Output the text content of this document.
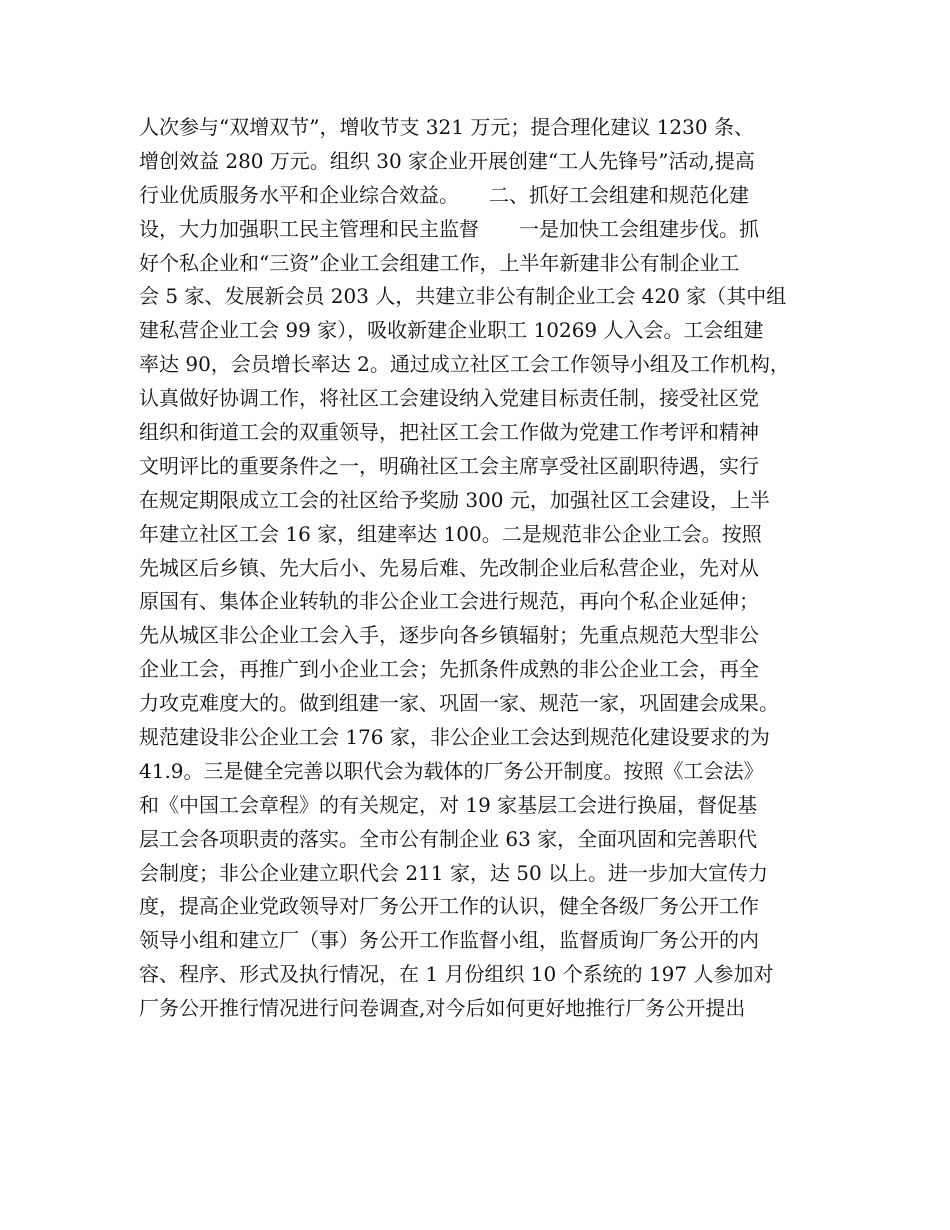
人次参与“双增双节”，增收节支 321 万元；提合理化建议 1230 条、
增创效益 280 万元。组织 30 家企业开展创建“工人先锋号”活动,提高
行业优质服务水平和企业综合效益。　　二、抓好工会组建和规范化建
设，大力加强职工民主管理和民主监督　　一是加快工会组建步伐。抓
好个私企业和“三资”企业工会组建工作，上半年新建非公有制企业工
会 5 家、发展新会员 203 人，共建立非公有制企业工会 420 家（其中组
建私营企业工会 99 家），吸收新建企业职工 10269 人入会。工会组建
率达 90，会员增长率达 2。通过成立社区工会工作领导小组及工作机构，
认真做好协调工作，将社区工会建设纳入党建目标责任制，接受社区党
组织和街道工会的双重领导，把社区工会工作做为党建工作考评和精神
文明评比的重要条件之一，明确社区工会主席享受社区副职待遇，实行
在规定期限成立工会的社区给予奖励 300 元，加强社区工会建设，上半
年建立社区工会 16 家，组建率达 100。二是规范非公企业工会。按照
先城区后乡镇、先大后小、先易后难、先改制企业后私营企业，先对从
原国有、集体企业转轨的非公企业工会进行规范，再向个私企业延伸；
先从城区非公企业工会入手，逐步向各乡镇辐射；先重点规范大型非公
企业工会，再推广到小企业工会；先抓条件成熟的非公企业工会，再全
力攻克难度大的。做到组建一家、巩固一家、规范一家，巩固建会成果。
规范建设非公企业工会 176 家，非公企业工会达到规范化建设要求的为
41.9。三是健全完善以职代会为载体的厂务公开制度。按照《工会法》
和《中国工会章程》的有关规定，对 19 家基层工会进行换届，督促基
层工会各项职责的落实。全市公有制企业 63 家，全面巩固和完善职代
会制度；非公企业建立职代会 211 家，达 50 以上。进一步加大宣传力
度，提高企业党政领导对厂务公开工作的认识，健全各级厂务公开工作
领导小组和建立厂（事）务公开工作监督小组，监督质询厂务公开的内
容、程序、形式及执行情况，在 1 月份组织 10 个系统的 197 人参加对
厂务公开推行情况进行问卷调查,对今后如何更好地推行厂务公开提出
